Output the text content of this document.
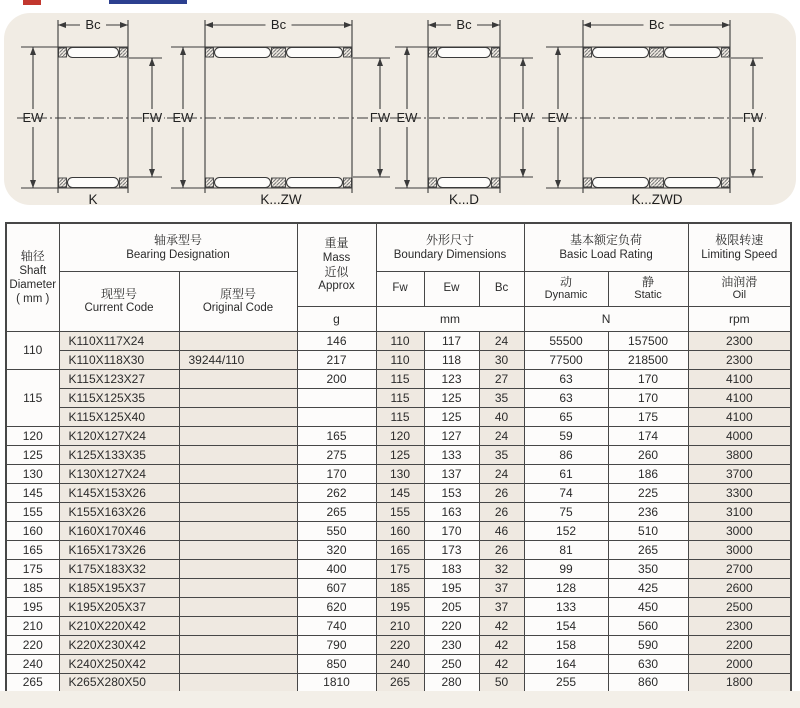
Bc
EW	FW
K
Bc
EW	FW
K...ZW
Bc
EW	FW
K...D
Bc
EW	FW
K...ZWD
轴径
Shaft
Diameter
( mm )	轴承型号
Bearing Designation		重量
Mass
近似
Approx	外形尺寸
Boundary Dimensions			基本额定负荷
Basic Load Rating		极限转速
Limiting Speed

	现型号
Current Code	原型号
Original Code		Fw	Ew	Bc	动
Dynamic	静
Static	油润滑
Oil

			g	mm			N		rpm
110	K110X117X24		146	110	117	24	55500	157500	2300
	K110X118X30	39244/110	217	110	118	30	77500	218500	2300
115	K115X123X27		200	115	123	27	63	170	4100
	K115X125X35			115	125	35	63	170	4100
	K115X125X40			115	125	40	65	175	4100
120	K120X127X24		165	120	127	24	59	174	4000
125	K125X133X35		275	125	133	35	86	260	3800
130	K130X127X24		170	130	137	24	61	186	3700
145	K145X153X26		262	145	153	26	74	225	3300
155	K155X163X26		265	155	163	26	75	236	3100
160	K160X170X46		550	160	170	46	152	510	3000
165	K165X173X26		320	165	173	26	81	265	3000
175	K175X183X32		400	175	183	32	99	350	2700
185	K185X195X37		607	185	195	37	128	425	2600
195	K195X205X37		620	195	205	37	133	450	2500
210	K210X220X42		740	210	220	42	154	560	2300
220	K220X230X42		790	220	230	42	158	590	2200
240	K240X250X42		850	240	250	42	164	630	2000
265	K265X280X50		1810	265	280	50	255	860	1800
